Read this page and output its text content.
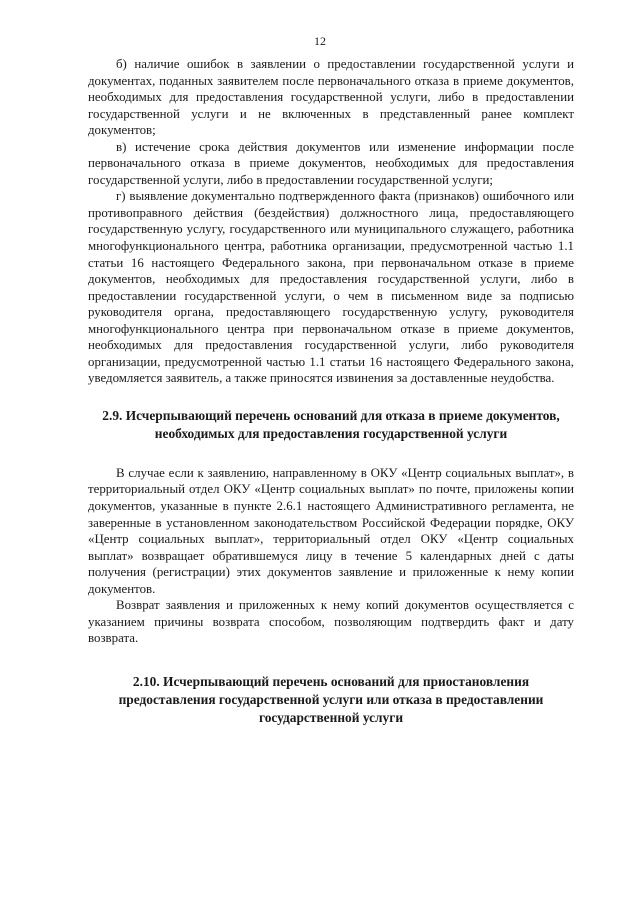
12

б) наличие ошибок в заявлении о предоставлении государственной услуги и документах, поданных заявителем после первоначального отказа в приеме документов, необходимых для предоставления государственной услуги, либо в предоставлении государственной услуги и не включенных в представленный ранее комплект документов;

в) истечение срока действия документов или изменение информации после первоначального отказа в приеме документов, необходимых для предоставления государственной услуги, либо в предоставлении государственной услуги;

г) выявление документально подтвержденного факта (признаков) ошибочного или противоправного действия (бездействия) должностного лица, предоставляющего государственную услугу, государственного или муниципального служащего, работника многофункционального центра, работника организации, предусмотренной частью 1.1 статьи 16 настоящего Федерального закона, при первоначальном отказе в приеме документов, необходимых для предоставления государственной услуги, либо в предоставлении государственной услуги, о чем в письменном виде за подписью руководителя органа, предоставляющего государственную услугу, руководителя многофункционального центра при первоначальном отказе в приеме документов, необходимых для предоставления государственной услуги, либо руководителя организации, предусмотренной частью 1.1 статьи 16 настоящего Федерального закона, уведомляется заявитель, а также приносятся извинения за доставленные неудобства.

2.9. Исчерпывающий перечень оснований для отказа в приеме документов, необходимых для предоставления государственной услуги

В случае если к заявлению, направленному в ОКУ «Центр социальных выплат», в территориальный отдел ОКУ «Центр социальных выплат» по почте, приложены копии документов, указанные в пункте 2.6.1 настоящего Административного регламента, не заверенные в установленном законодательством Российской Федерации порядке, ОКУ «Центр социальных выплат», территориальный отдел ОКУ «Центр социальных выплат» возвращает обратившемуся лицу в течение 5 календарных дней с даты получения (регистрации) этих документов заявление и приложенные к нему копии документов.

Возврат заявления и приложенных к нему копий документов осуществляется с указанием причины возврата способом, позволяющим подтвердить факт и дату возврата.

2.10. Исчерпывающий перечень оснований для приостановления предоставления государственной услуги или отказа в предоставлении государственной услуги
